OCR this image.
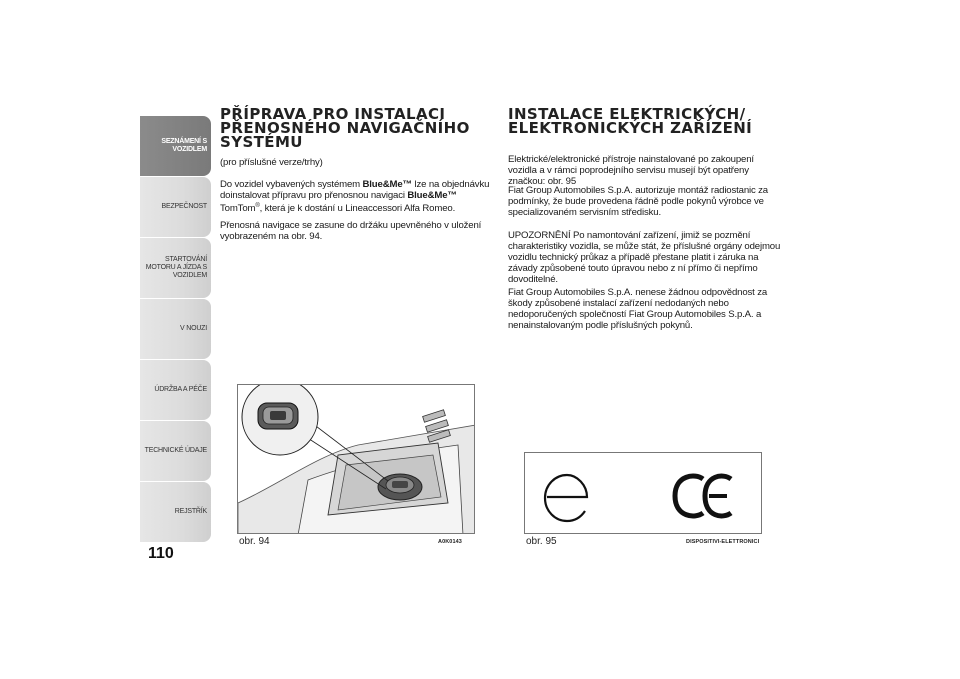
SEZNÁMENÍ S VOZIDLEM
BEZPEČNOST
STARTOVÁNÍ MOTORU A JÍZDA S VOZIDLEM
V NOUZI
ÚDRŽBA A PÉČE
TECHNICKÉ ÚDAJE
REJSTŘÍK
110
PŘÍPRAVA PRO INSTALACI PŘENOSNÉHO NAVIGAČNÍHO SYSTÉMU
(pro příslušné verze/trhy)
Do vozidel vybavených systémem Blue&Me™ lze na objednávku doinstalovat přípravu pro přenosnou navigaci Blue&Me™ TomTom®, která je k dostání u Lineaccessori Alfa Romeo.
Přenosná navigace se zasune do držáku upevněného v uložení vyobrazeném na obr. 94.
obr. 94	A0K0143
INSTALACE ELEKTRICKÝCH/ ELEKTRONICKÝCH ZAŘÍZENÍ
Elektrické/elektronické přístroje nainstalované po zakoupení vozidla a v rámci poprodejního servisu musejí být opatřeny značkou: obr. 95
Fiat Group Automobiles S.p.A. autorizuje montáž radiostanic za podmínky, že bude provedena řádně podle pokynů výrobce ve specializovaném servisním středisku.
UPOZORNĚNÍ Po namontování zařízení, jimiž se pozmění charakteristiky vozidla, se může stát, že příslušné orgány odejmou vozidlu technický průkaz a případě přestane platit i záruka na závady způsobené touto úpravou nebo z ní přímo či nepřímo dovoditelné.
Fiat Group Automobiles S.p.A. nenese žádnou odpovědnost za škody způsobené instalací zařízení nedodaných nebo nedoporučených společností Fiat Group Automobiles S.p.A. a nenainstalovaným podle příslušných pokynů.
obr. 95	DISPOSITIVI-ELETTRONICI
